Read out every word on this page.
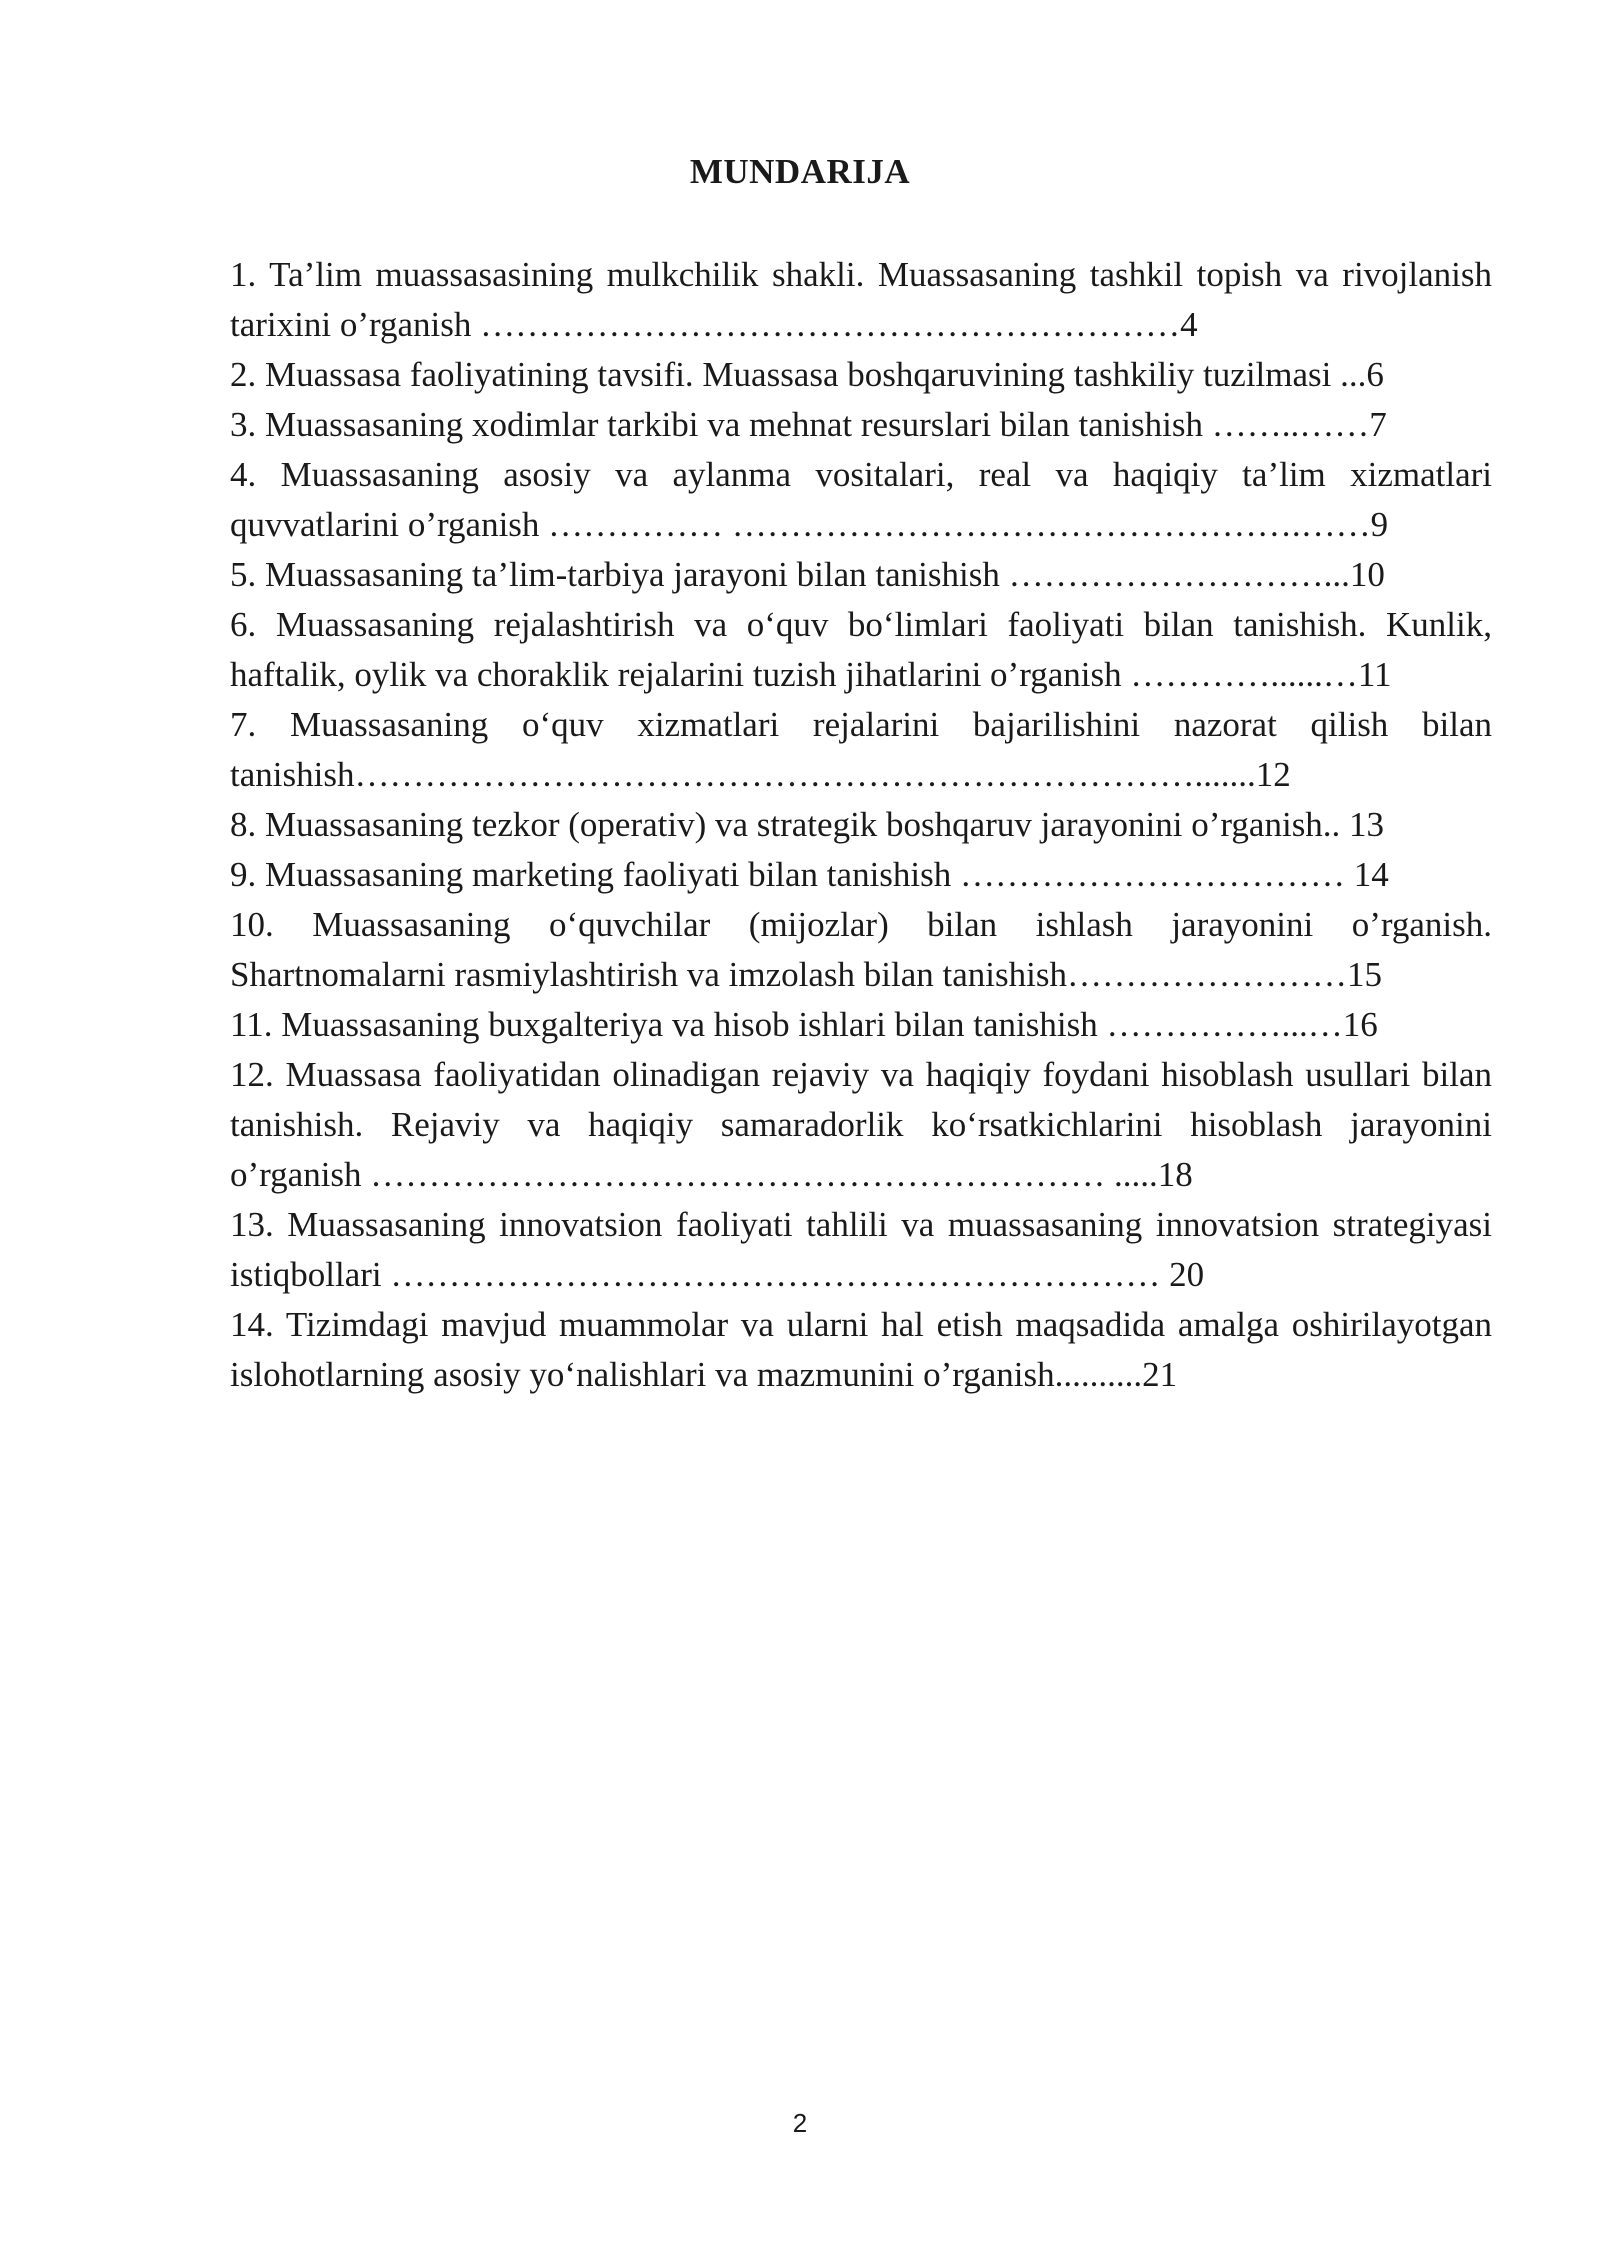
MUNDARIJA

1. Ta’lim muassasasining mulkchilik shakli. Muassasaning tashkil topish va rivojlanish tarixini o’rganish ……………………………………………………4

2. Muassasa faoliyatining tavsifi. Muassasa boshqaruvining tashkiliy tuzilmasi ...6

3. Muassasaning xodimlar tarkibi va mehnat resurslari bilan tanishish ……..……7

4. Muassasaning asosiy va aylanma vositalari, real va haqiqiy ta’lim xizmatlari quvvatlarini o’rganish …………… ………………………………………….……9

5. Muassasaning ta’lim-tarbiya jarayoni bilan tanishish ………………………...10

6. Muassasaning rejalashtirish va o‘quv bo‘limlari faoliyati bilan tanishish. Kunlik, haftalik, oylik va choraklik rejalarini tuzish jihatlarini o’rganish …………......…11

7. Muassasaning o‘quv xizmatlari rejalarini bajarilishini nazorat qilish bilan tanishish……………………………………………………………….......12

8. Muassasaning tezkor (operativ) va strategik boshqaruv jarayonini o’rganish.. 13

9. Muassasaning marketing faoliyati bilan tanishish …………………………… 14

10. Muassasaning o‘quvchilar (mijozlar) bilan ishlash jarayonini o’rganish. Shartnomalarni rasmiylashtirish va imzolash bilan tanishish……………………15

11. Muassasaning buxgalteriya va hisob ishlari bilan tanishish ……………...…16

12. Muassasa faoliyatidan olinadigan rejaviy va haqiqiy foydani hisoblash usullari bilan tanishish. Rejaviy va haqiqiy samaradorlik ko‘rsatkichlarini hisoblash jarayonini o’rganish ……………………………………………………… .....18

13. Muassasaning innovatsion faoliyati tahlili va muassasaning innovatsion strategiyasi istiqbollari ………………………………………………………… 20

14. Tizimdagi mavjud muammolar va ularni hal etish maqsadida amalga oshirilayotgan islohotlarning asosiy yo‘nalishlari va mazmunini o’rganish..........21

2
